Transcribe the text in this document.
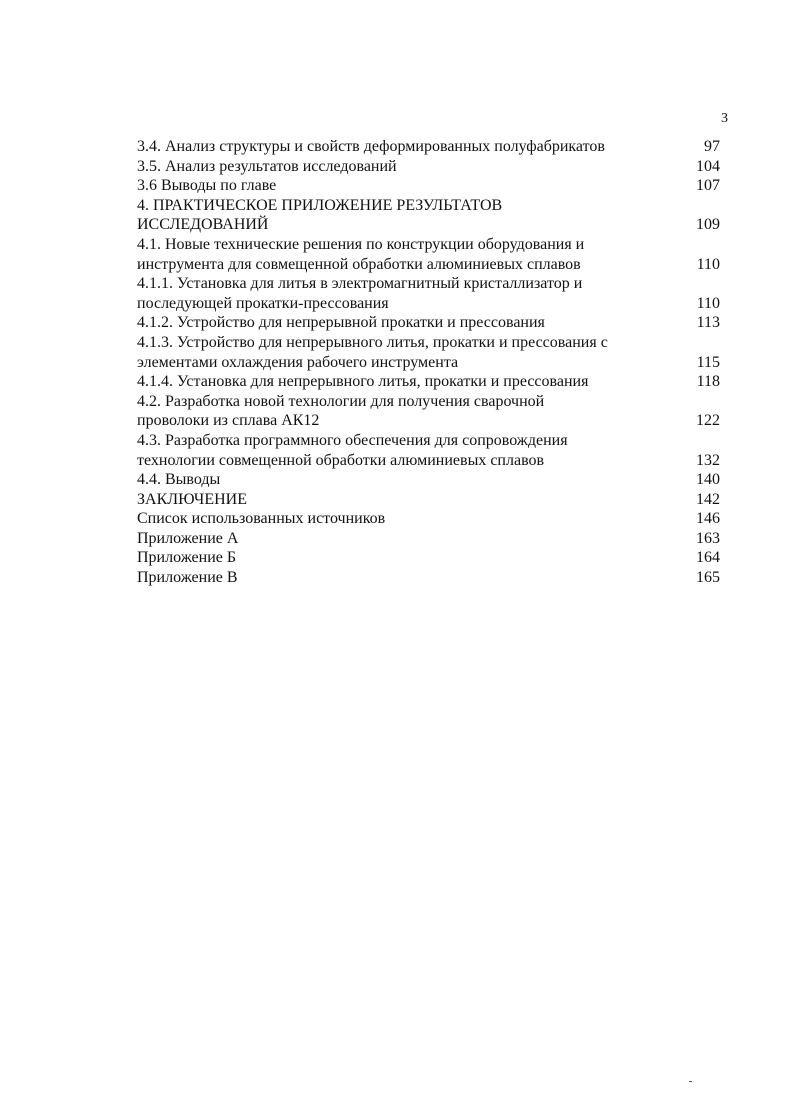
3
3.4. Анализ структуры и свойств деформированных полуфабрикатов	97
3.5. Анализ результатов исследований	104
3.6 Выводы по главе	107
4. ПРАКТИЧЕСКОЕ ПРИЛОЖЕНИЕ РЕЗУЛЬТАТОВ
ИССЛЕДОВАНИЙ	109
4.1. Новые технические решения по конструкции оборудования и
инструмента для совмещенной обработки алюминиевых сплавов	110
4.1.1. Установка для литья в электромагнитный кристаллизатор и
последующей прокатки-прессования	110
4.1.2. Устройство для непрерывной прокатки и прессования	113
4.1.3. Устройство для непрерывного литья, прокатки и прессования с
элементами охлаждения рабочего инструмента	115
4.1.4. Установка для непрерывного литья, прокатки и прессования	118
4.2. Разработка новой технологии для получения сварочной
проволоки из сплава АК12	122
4.3. Разработка программного обеспечения для сопровождения
технологии совмещенной обработки алюминиевых сплавов	132
4.4. Выводы	140
ЗАКЛЮЧЕНИЕ	142
Список использованных источников	146
Приложение А	163
Приложение Б	164
Приложение В	165
